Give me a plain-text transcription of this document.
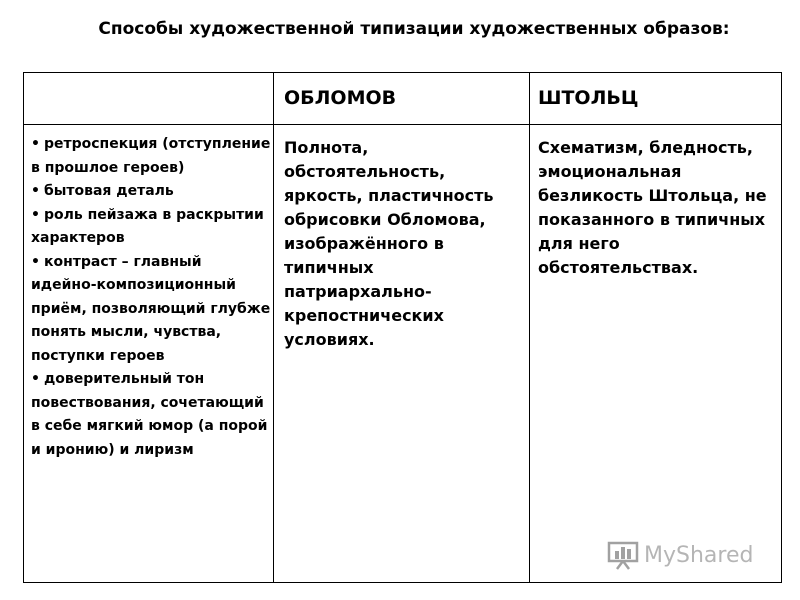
Способы художественной типизации художественных образов:
ОБЛОМОВ	ШТОЛЬЦ
• ретроспекция (отступление в прошлое героев)
• бытовая деталь
• роль пейзажа в раскрытии характеров
• контраст – главный идейно-композиционный приём, позволяющий глубже понять мысли, чувства, поступки героев
• доверительный тон повествования, сочетающий в себе мягкий юмор (а порой и иронию) и лиризм
Полнота, обстоятельность, яркость, пластичность обрисовки Обломова, изображённого в типичных патриархально-крепостнических условиях.
Схематизм, бледность, эмоциональная безликость Штольца, не показанного в типичных для него обстоятельствах.
MyShared
